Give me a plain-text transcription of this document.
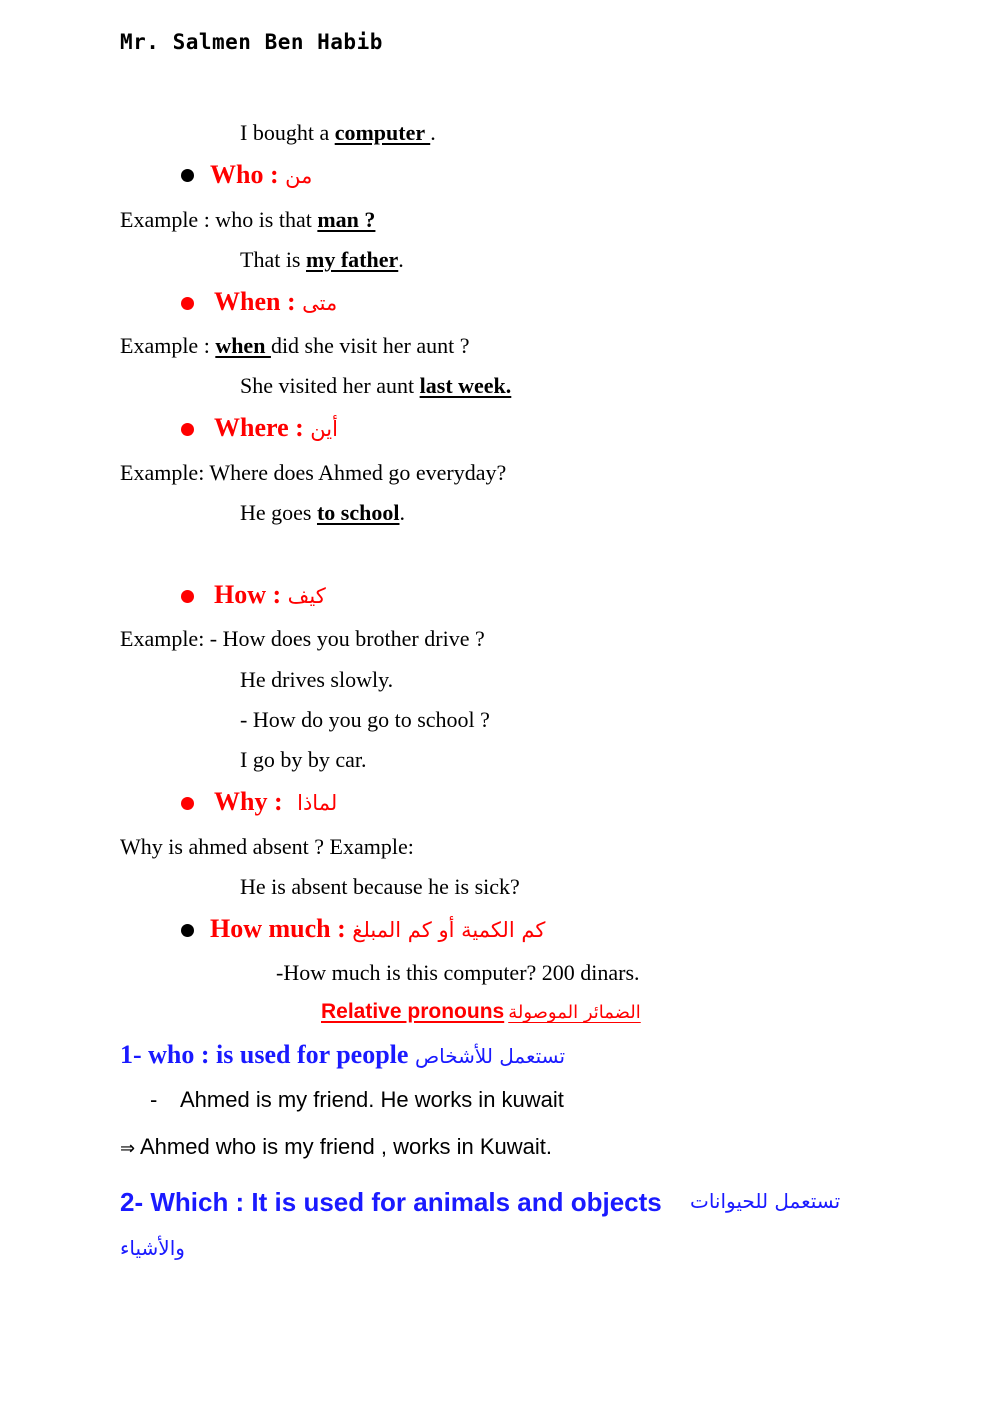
Mr. Salmen Ben Habib
I bought a computer .
Who : من
Example : who is that man ?
That is my father.
When : متى
Example : when did she visit her aunt ?
She visited her aunt last week.
Where : أين
Example: Where does Ahmed go everyday?
He goes to school.
How : كيف
Example: - How does you brother drive ?
He drives slowly.
- How do you go to school ?
I go by by car.
Why : لماذا
Why is ahmed absent ? Example:
He is absent because he is sick?
How much : كم الكمية أو كم المبلغ
-How much is this computer? 200 dinars.
Relative pronouns الضمائر الموصولة
1- who : is used for people تستعمل للأشخاص
- Ahmed is my friend. He works in kuwait
⇒ Ahmed who is my friend , works in Kuwait.
2- Which : It is used for animals and objects تستعمل للحيوانات
والأشياء
